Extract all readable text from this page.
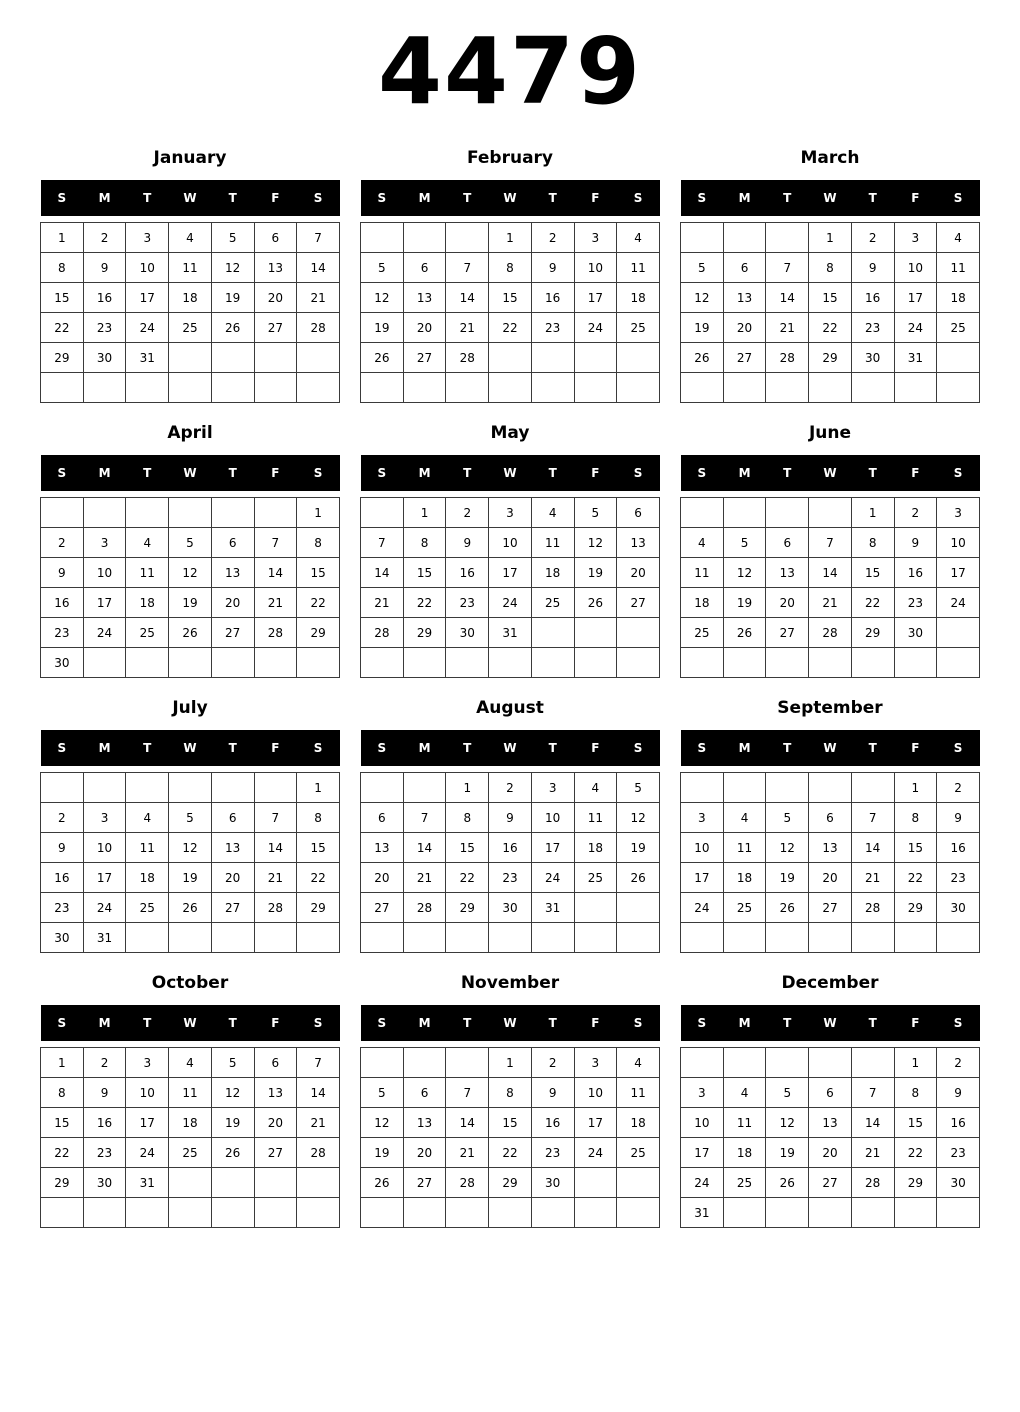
4479
January
S	M	T	W	T	F	S

1	2	3	4	5	6	7
8	9	10	11	12	13	14
15	16	17	18	19	20	21
22	23	24	25	26	27	28
29	30	31				

February
S	M	T	W	T	F	S

			1	2	3	4
5	6	7	8	9	10	11
12	13	14	15	16	17	18
19	20	21	22	23	24	25
26	27	28				

March
S	M	T	W	T	F	S

			1	2	3	4
5	6	7	8	9	10	11
12	13	14	15	16	17	18
19	20	21	22	23	24	25
26	27	28	29	30	31	

April
S	M	T	W	T	F	S

						1
2	3	4	5	6	7	8
9	10	11	12	13	14	15
16	17	18	19	20	21	22
23	24	25	26	27	28	29
30						
May
S	M	T	W	T	F	S

	1	2	3	4	5	6
7	8	9	10	11	12	13
14	15	16	17	18	19	20
21	22	23	24	25	26	27
28	29	30	31			

June
S	M	T	W	T	F	S

				1	2	3
4	5	6	7	8	9	10
11	12	13	14	15	16	17
18	19	20	21	22	23	24
25	26	27	28	29	30	

July
S	M	T	W	T	F	S

						1
2	3	4	5	6	7	8
9	10	11	12	13	14	15
16	17	18	19	20	21	22
23	24	25	26	27	28	29
30	31					
August
S	M	T	W	T	F	S

		1	2	3	4	5
6	7	8	9	10	11	12
13	14	15	16	17	18	19
20	21	22	23	24	25	26
27	28	29	30	31		

September
S	M	T	W	T	F	S

					1	2
3	4	5	6	7	8	9
10	11	12	13	14	15	16
17	18	19	20	21	22	23
24	25	26	27	28	29	30

October
S	M	T	W	T	F	S

1	2	3	4	5	6	7
8	9	10	11	12	13	14
15	16	17	18	19	20	21
22	23	24	25	26	27	28
29	30	31				

November
S	M	T	W	T	F	S

			1	2	3	4
5	6	7	8	9	10	11
12	13	14	15	16	17	18
19	20	21	22	23	24	25
26	27	28	29	30		

December
S	M	T	W	T	F	S

					1	2
3	4	5	6	7	8	9
10	11	12	13	14	15	16
17	18	19	20	21	22	23
24	25	26	27	28	29	30
31						
